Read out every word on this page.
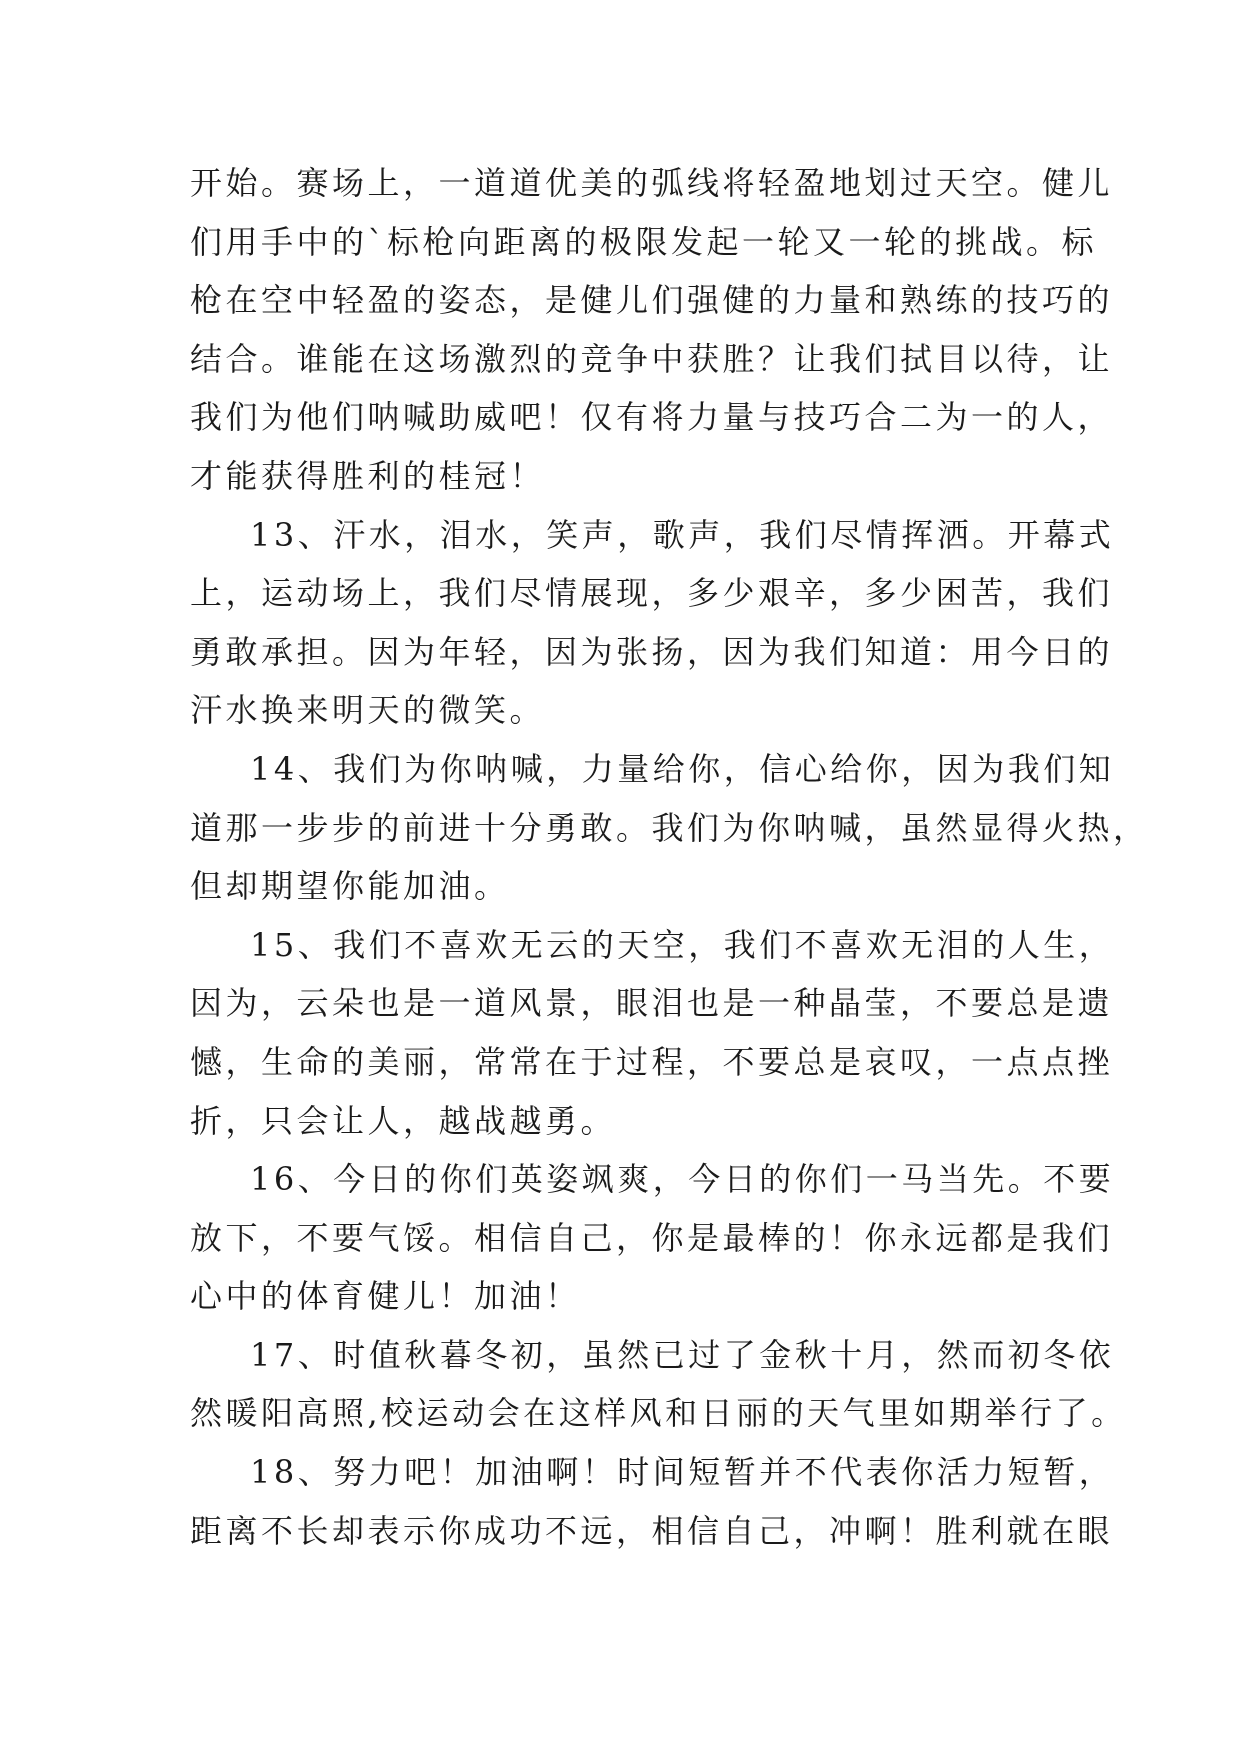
开始。赛场上，一道道优美的弧线将轻盈地划过天空。健儿
们用手中的`标枪向距离的极限发起一轮又一轮的挑战。标
枪在空中轻盈的姿态，是健儿们强健的力量和熟练的技巧的
结合。谁能在这场激烈的竞争中获胜？让我们拭目以待，让
我们为他们呐喊助威吧！仅有将力量与技巧合二为一的人，
才能获得胜利的桂冠！
13、汗水，泪水，笑声，歌声，我们尽情挥洒。开幕式
上，运动场上，我们尽情展现，多少艰辛，多少困苦，我们
勇敢承担。因为年轻，因为张扬，因为我们知道：用今日的
汗水换来明天的微笑。
14、我们为你呐喊，力量给你，信心给你，因为我们知
道那一步步的前进十分勇敢。我们为你呐喊，虽然显得火热，
但却期望你能加油。
15、我们不喜欢无云的天空，我们不喜欢无泪的人生，
因为，云朵也是一道风景，眼泪也是一种晶莹，不要总是遗
憾，生命的美丽，常常在于过程，不要总是哀叹，一点点挫
折，只会让人，越战越勇。
16、今日的你们英姿飒爽，今日的你们一马当先。不要
放下，不要气馁。相信自己，你是最棒的！你永远都是我们
心中的体育健儿！加油！
17、时值秋暮冬初，虽然已过了金秋十月，然而初冬依
然暖阳高照,校运动会在这样风和日丽的天气里如期举行了。
18、努力吧！加油啊！时间短暂并不代表你活力短暂，
距离不长却表示你成功不远，相信自己，冲啊！胜利就在眼
